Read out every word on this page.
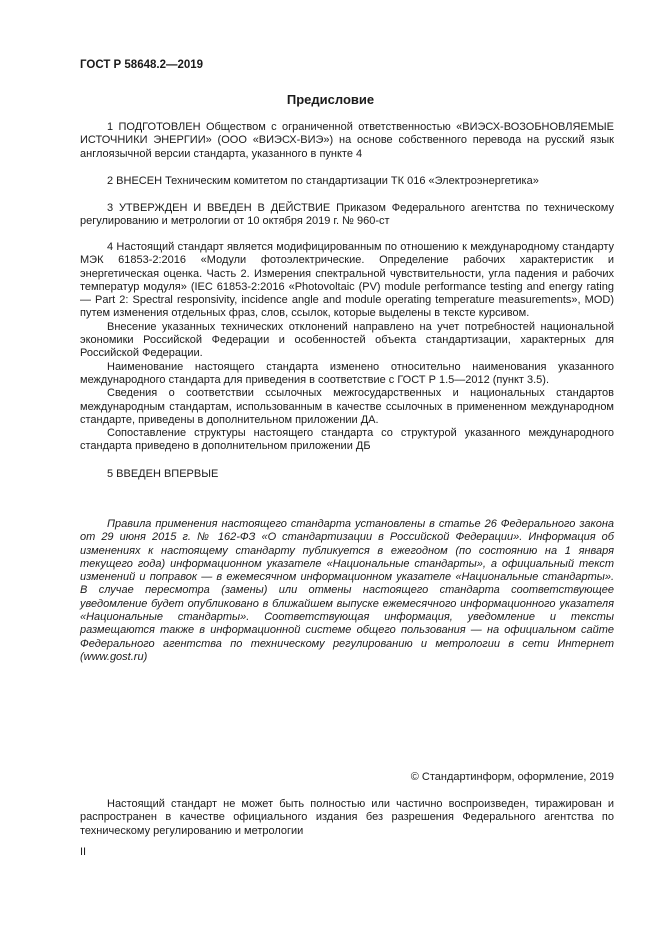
ГОСТ Р 58648.2—2019
Предисловие

1 ПОДГОТОВЛЕН Обществом с ограниченной ответственностью «ВИЭСХ-ВОЗОБНОВЛЯЕМЫЕ ИСТОЧНИКИ ЭНЕРГИИ» (ООО «ВИЭСХ-ВИЭ») на основе собственного перевода на русский язык англоязычной версии стандарта, указанного в пункте 4

2 ВНЕСЕН Техническим комитетом по стандартизации ТК 016 «Электроэнергетика»

3 УТВЕРЖДЕН И ВВЕДЕН В ДЕЙСТВИЕ Приказом Федерального агентства по техническому регулированию и метрологии от 10 октября 2019 г. № 960-ст

4 Настоящий стандарт является модифицированным по отношению к международному стандарту МЭК 61853-2:2016 «Модули фотоэлектрические. Определение рабочих характеристик и энергетическая оценка. Часть 2. Измерения спектральной чувствительности, угла падения и рабочих температур модуля» (IEC 61853-2:2016 «Photovoltaic (PV) module performance testing and energy rating — Part 2: Spectral responsivity, incidence angle and module operating temperature measurements», MOD) путем изменения отдельных фраз, слов, ссылок, которые выделены в тексте курсивом.

Внесение указанных технических отклонений направлено на учет потребностей национальной экономики Российской Федерации и особенностей объекта стандартизации, характерных для Российской Федерации.

Наименование настоящего стандарта изменено относительно наименования указанного международного стандарта для приведения в соответствие с ГОСТ Р 1.5—2012 (пункт 3.5).

Сведения о соответствии ссылочных межгосударственных и национальных стандартов международным стандартам, использованным в качестве ссылочных в примененном международном стандарте, приведены в дополнительном приложении ДА.

Сопоставление структуры настоящего стандарта со структурой указанного международного стандарта приведено в дополнительном приложении ДБ

5 ВВЕДЕН ВПЕРВЫЕ

Правила применения настоящего стандарта установлены в статье 26 Федерального закона от 29 июня 2015 г. № 162-ФЗ «О стандартизации в Российской Федерации». Информация об изменениях к настоящему стандарту публикуется в ежегодном (по состоянию на 1 января текущего года) информационном указателе «Национальные стандарты», а официальный текст изменений и поправок — в ежемесячном информационном указателе «Национальные стандарты». В случае пересмотра (замены) или отмены настоящего стандарта соответствующее уведомление будет опубликовано в ближайшем выпуске ежемесячного информационного указателя «Национальные стандарты». Соответствующая информация, уведомление и тексты размещаются также в информационной системе общего пользования — на официальном сайте Федерального агентства по техническому регулированию и метрологии в сети Интернет (www.gost.ru)

© Стандартинформ, оформление, 2019

Настоящий стандарт не может быть полностью или частично воспроизведен, тиражирован и распространен в качестве официального издания без разрешения Федерального агентства по техническому регулированию и метрологии

II
